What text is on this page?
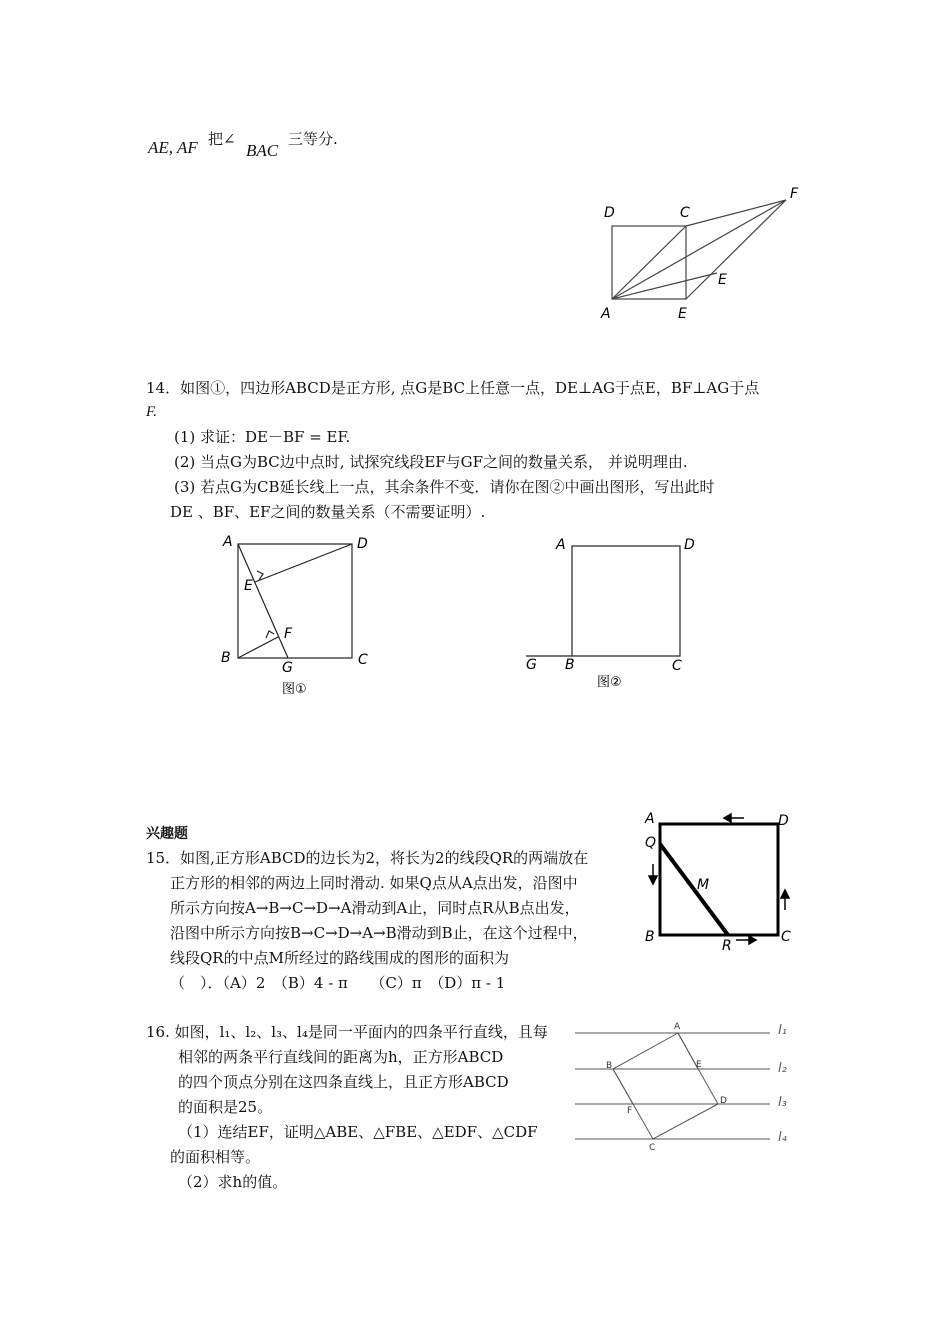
AE, AF 把∠
BAC
三等分.
D	C
F
E
A	E
14．如图①，四边形ABCD是正方形, 点G是BC上任意一点，DE⊥AG于点E，BF⊥AG于点
F.
(1) 求证：DE－BF = EF.
(2) 当点G为BC边中点时, 试探究线段EF与GF之间的数量关系， 并说明理由.
(3) 若点G为CB延长线上一点，其余条件不变．请你在图②中画出图形，写出此时
DE 、BF、EF之间的数量关系（不需要证明）.
A	D
E
F
B
G	C
图①
A	D
G B	C
图②
兴趣题
15．如图,正方形ABCD的边长为2，将长为2的线段QR的两端放在
正方形的相邻的两边上同时滑动. 如果Q点从A点出发，沿图中
所示方向按A→B→C→D→A滑动到A止，同时点R从B点出发，
沿图中所示方向按B→C→D→A→B滑动到B止，在这个过程中，
线段QR的中点M所经过的路线围成的图形的面积为
（　）．（A）2　（B）4 - π　　（C）π　（D）π - 1
A	D
Q
M
B
R
C
16. 如图，l₁、l₂、l₃、l₄是同一平面内的四条平行直线，且每
相邻的两条平行直线间的距离为h，正方形ABCD
的四个顶点分别在这四条直线上，且正方形ABCD
的面积是25。
（1）连结EF，证明△ABE、△FBE、△EDF、△CDF
的面积相等。
（2）求h的值。
A
B	E
D
F
C
l₁
l₂
l₃
l₄
